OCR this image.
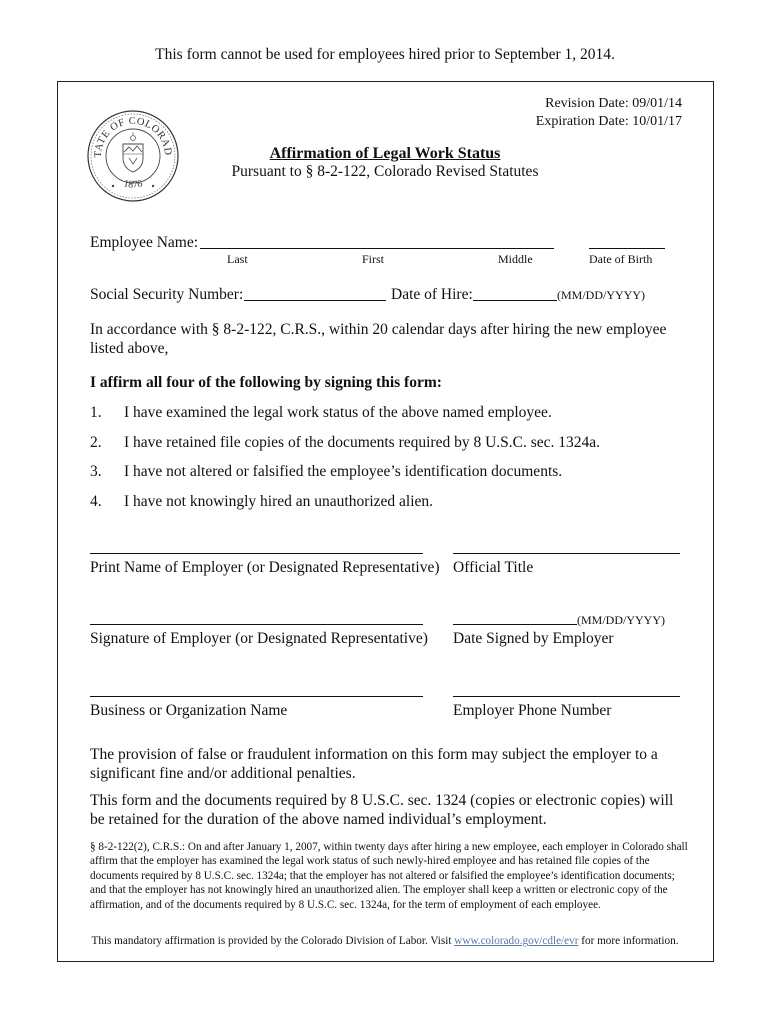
This form cannot be used for employees hired prior to September 1, 2014.
Revision Date: 09/01/14
Expiration Date: 10/01/17
TATE OF COLORAD
1876
Affirmation of Legal Work Status
Pursuant to § 8-2-122, Colorado Revised Statutes
Employee Name:
Last	First	Middle	Date of Birth
Social Security Number:	Date of Hire:	(MM/DD/YYYY)
In accordance with § 8-2-122, C.R.S., within 20 calendar days after hiring the new employee listed above,
I affirm all four of the following by signing this form:
1. I have examined the legal work status of the above named employee.
2. I have retained file copies of the documents required by 8 U.S.C. sec. 1324a.
3. I have not altered or falsified the employee’s identification documents.
4. I have not knowingly hired an unauthorized alien.
Print Name of Employer (or Designated Representative) Official Title
(MM/DD/YYYY)
Signature of Employer (or Designated Representative) Date Signed by Employer
Business or Organization Name	Employer Phone Number
The provision of false or fraudulent information on this form may subject the employer to a significant fine and/or additional penalties.
This form and the documents required by 8 U.S.C. sec. 1324 (copies or electronic copies) will be retained for the duration of the above named individual’s employment.
§ 8-2-122(2), C.R.S.: On and after January 1, 2007, within twenty days after hiring a new employee, each employer in Colorado shall affirm that the employer has examined the legal work status of such newly-hired employee and has retained file copies of the documents required by 8 U.S.C. sec. 1324a; that the employer has not altered or falsified the employee’s identification documents; and that the employer has not knowingly hired an unauthorized alien. The employer shall keep a written or electronic copy of the affirmation, and of the documents required by 8 U.S.C. sec. 1324a, for the term of employment of each employee.
This mandatory affirmation is provided by the Colorado Division of Labor. Visit www.colorado.gov/cdle/evr for more information.
